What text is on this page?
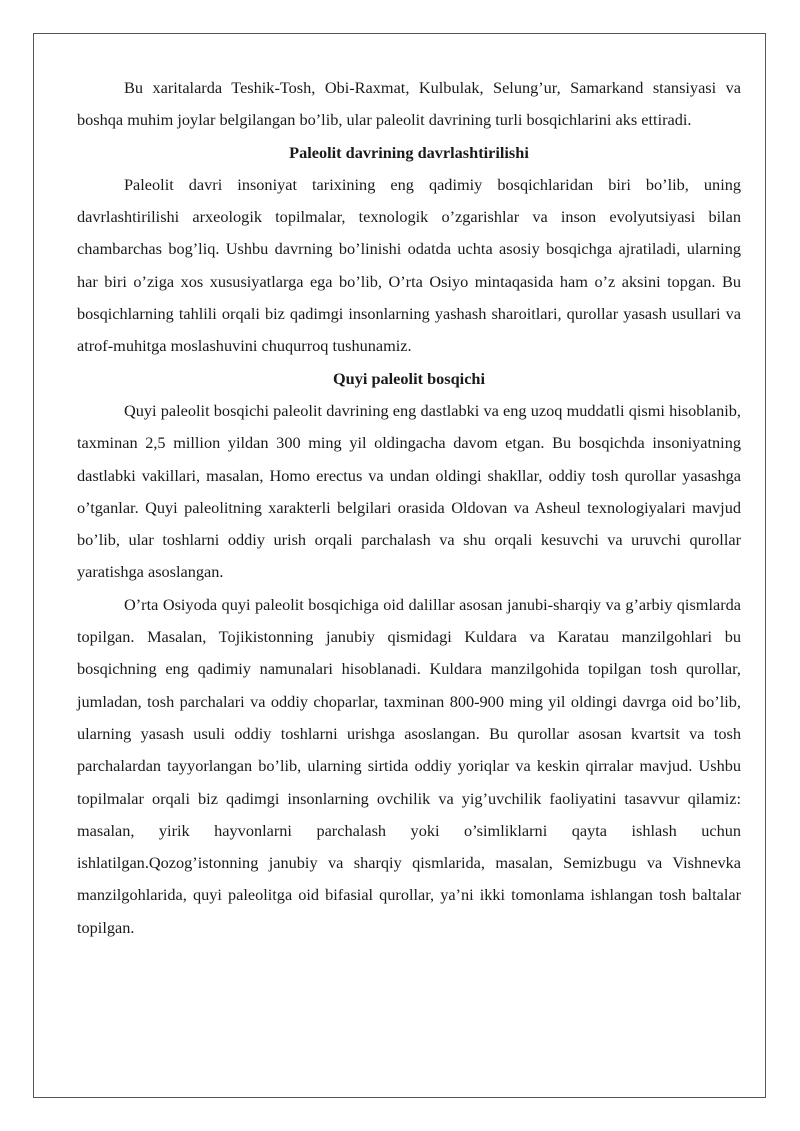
Bu xaritalarda Teshik-Tosh, Obi-Raxmat, Kulbulak, Selung’ur, Samarkand stansiyasi va boshqa muhim joylar belgilangan bo’lib, ular paleolit davrining turli bosqichlarini aks ettiradi.

Paleolit davrining davrlashtirilishi

Paleolit davri insoniyat tarixining eng qadimiy bosqichlaridan biri bo’lib, uning davrlashtirilishi arxeologik topilmalar, texnologik o’zgarishlar va inson evolyutsiyasi bilan chambarchas bog’liq. Ushbu davrning bo’linishi odatda uchta asosiy bosqichga ajratiladi, ularning har biri o’ziga xos xususiyatlarga ega bo’lib, O’rta Osiyo mintaqasida ham o’z aksini topgan. Bu bosqichlarning tahlili orqali biz qadimgi insonlarning yashash sharoitlari, qurollar yasash usullari va atrof-muhitga moslashuvini chuqurroq tushunamiz.

Quyi paleolit bosqichi

Quyi paleolit bosqichi paleolit davrining eng dastlabki va eng uzoq muddatli qismi hisoblanib, taxminan 2,5 million yildan 300 ming yil oldingacha davom etgan. Bu bosqichda insoniyatning dastlabki vakillari, masalan, Homo erectus va undan oldingi shakllar, oddiy tosh qurollar yasashga o’tganlar. Quyi paleolitning xarakterli belgilari orasida Oldovan va Asheul texnologiyalari mavjud bo’lib, ular toshlarni oddiy urish orqali parchalash va shu orqali kesuvchi va uruvchi qurollar yaratishga asoslangan.

O’rta Osiyoda quyi paleolit bosqichiga oid dalillar asosan janubi-sharqiy va g’arbiy qismlarda topilgan. Masalan, Tojikistonning janubiy qismidagi Kuldara va Karatau manzilgohlari bu bosqichning eng qadimiy namunalari hisoblanadi. Kuldara manzilgohida topilgan tosh qurollar, jumladan, tosh parchalari va oddiy choparlar, taxminan 800-900 ming yil oldingi davrga oid bo’lib, ularning yasash usuli oddiy toshlarni urishga asoslangan. Bu qurollar asosan kvartsit va tosh parchalardan tayyorlangan bo’lib, ularning sirtida oddiy yoriqlar va keskin qirralar mavjud. Ushbu topilmalar orqali biz qadimgi insonlarning ovchilik va yig’uvchilik faoliyatini tasavvur qilamiz: masalan, yirik hayvonlarni parchalash yoki o’simliklarni qayta ishlash uchun ishlatilgan.Qozog’istonning janubiy va sharqiy qismlarida, masalan, Semizbugu va Vishnevka manzilgohlarida, quyi paleolitga oid bifasial qurollar, ya’ni ikki tomonlama ishlangan tosh baltalar topilgan.
